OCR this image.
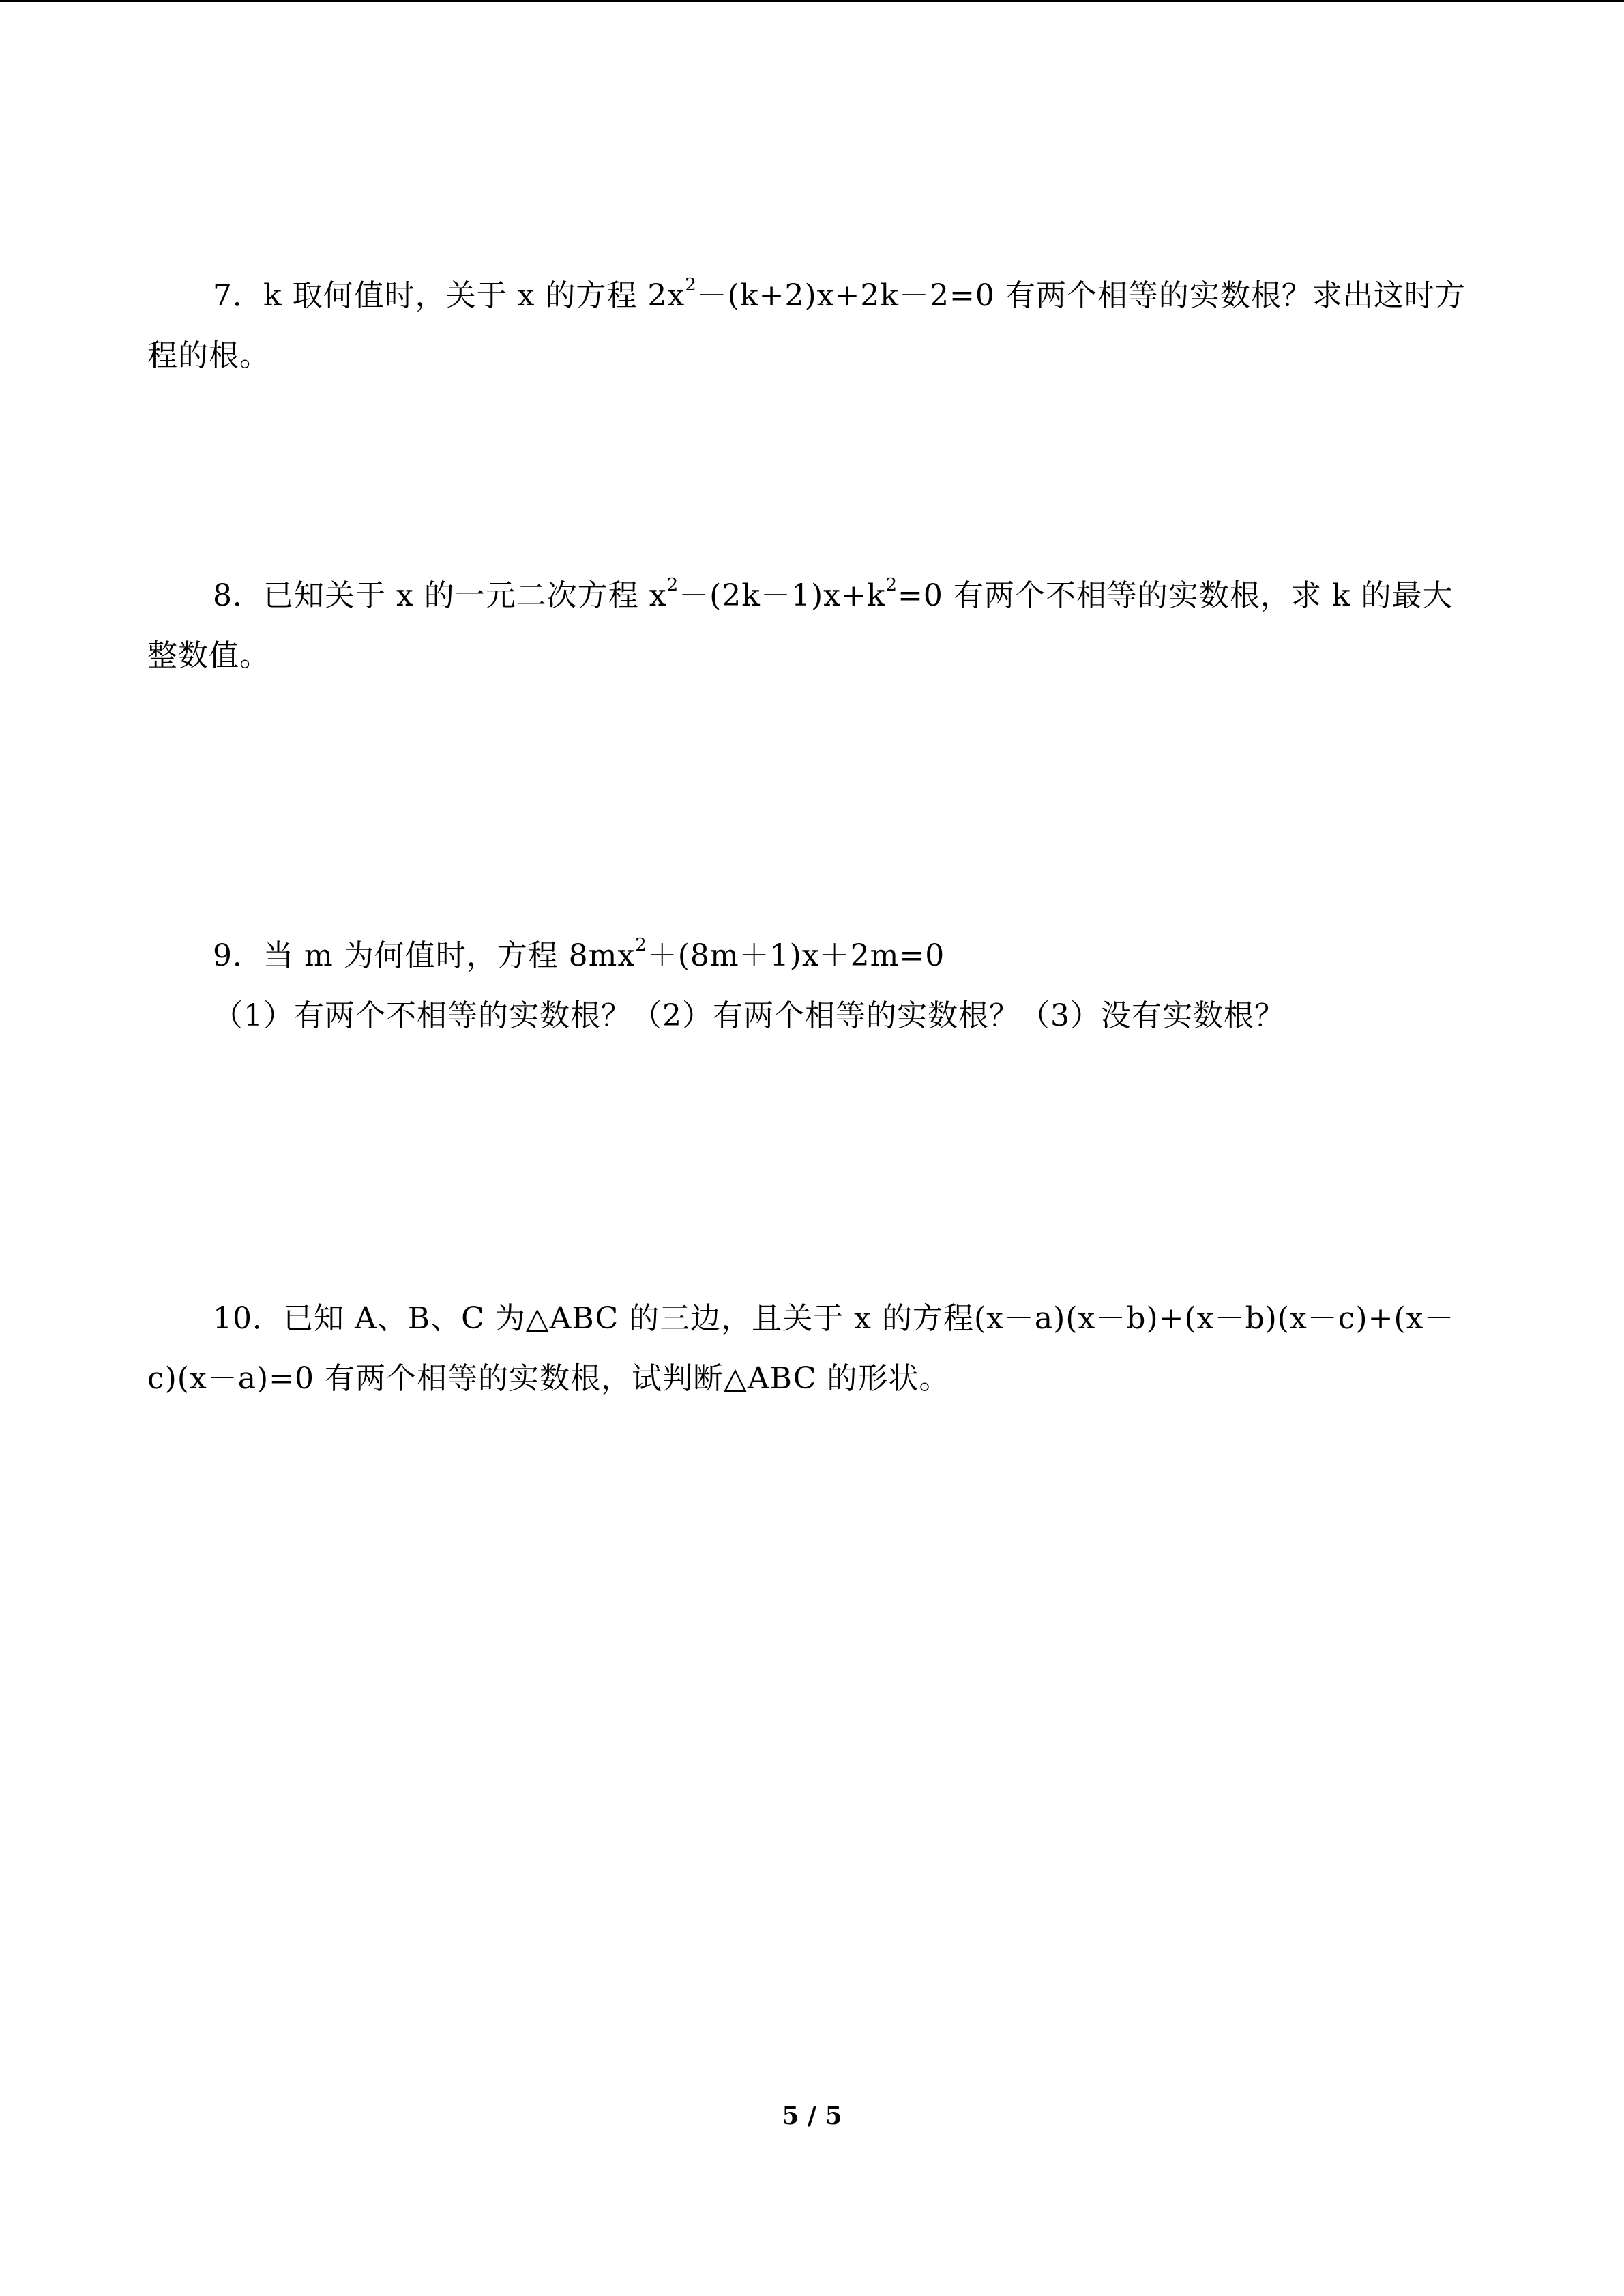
7．k 取何值时，关于 x 的方程 $2x^2-(k+2)x+2k-2=0$ 有两个相等的实数根？求出这时方
程的根。
8．已知关于 x 的一元二次方程 $x^2-(2k-1)x+k^2=0$ 有两个不相等的实数根，求 k 的最大
整数值。
9．当 m 为何值时，方程 $8mx^2+(8m+1)x+2m=0$
（1）有两个不相等的实数根？（2）有两个相等的实数根？（3）没有实数根？
10．已知 A、B、C 为△ABC 的三边，且关于 x 的方程(x－a)(x－b)+(x－b)(x－c)+(x－
c)(x－a)=0 有两个相等的实数根，试判断△ABC 的形状。
5 / 5
